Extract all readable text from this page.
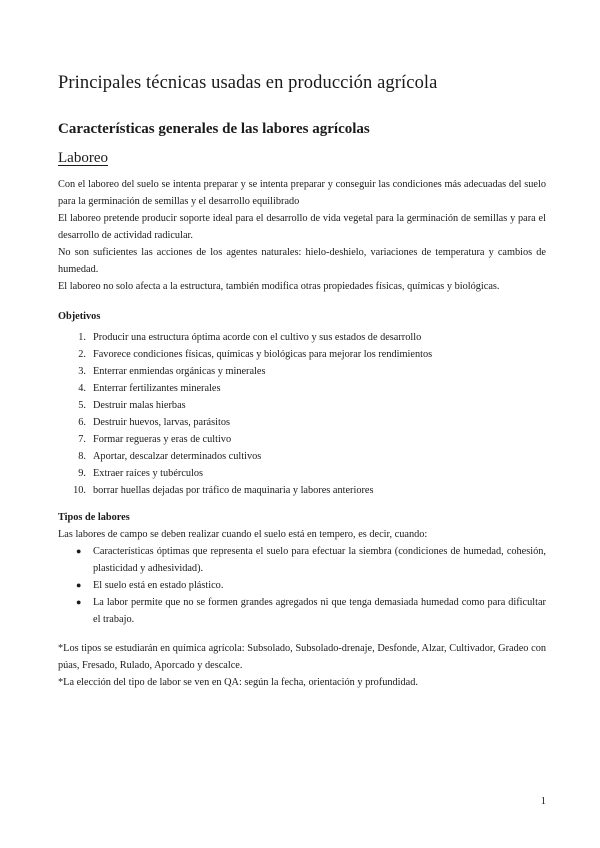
Principales técnicas usadas en producción agrícola
Características generales de las labores agrícolas
Laboreo

Con el laboreo del suelo se intenta preparar y se intenta preparar y conseguir las condiciones más adecuadas del suelo para la germinación de semillas y el desarrollo equilibrado

El laboreo pretende producir soporte ideal para el desarrollo de vida vegetal para la germinación de semillas y para el desarrollo de actividad radicular.

No son suficientes las acciones de los agentes naturales: hielo-deshielo, variaciones de temperatura y cambios de humedad.

El laboreo no solo afecta a la estructura, también modifica otras propiedades físicas, químicas y biológicas.

Objetivos

1. Producir una estructura óptima acorde con el cultivo y sus estados de desarrollo
2. Favorece condiciones físicas, químicas y biológicas para mejorar los rendimientos
3. Enterrar enmiendas orgánicas y minerales
4. Enterrar fertilizantes minerales
5. Destruir malas hierbas
6. Destruir huevos, larvas, parásitos
7. Formar regueras y eras de cultivo
8. Aportar, descalzar determinados cultivos
9. Extraer raíces y tubérculos
10. borrar huellas dejadas por tráfico de maquinaria y labores anteriores

Tipos de labores

Las labores de campo se deben realizar cuando el suelo está en tempero, es decir, cuando:

● Características óptimas que representa el suelo para efectuar la siembra (condiciones de humedad, cohesión, plasticidad y adhesividad).
● El suelo está en estado plástico.
● La labor permite que no se formen grandes agregados ni que tenga demasiada humedad como para dificultar el trabajo.

*Los tipos se estudiarán en química agrícola: Subsolado, Subsolado-drenaje, Desfonde, Alzar, Cultivador, Gradeo con púas, Fresado, Rulado, Aporcado y descalce.

*La elección del tipo de labor se ven en QA: según la fecha, orientación y profundidad.

1
